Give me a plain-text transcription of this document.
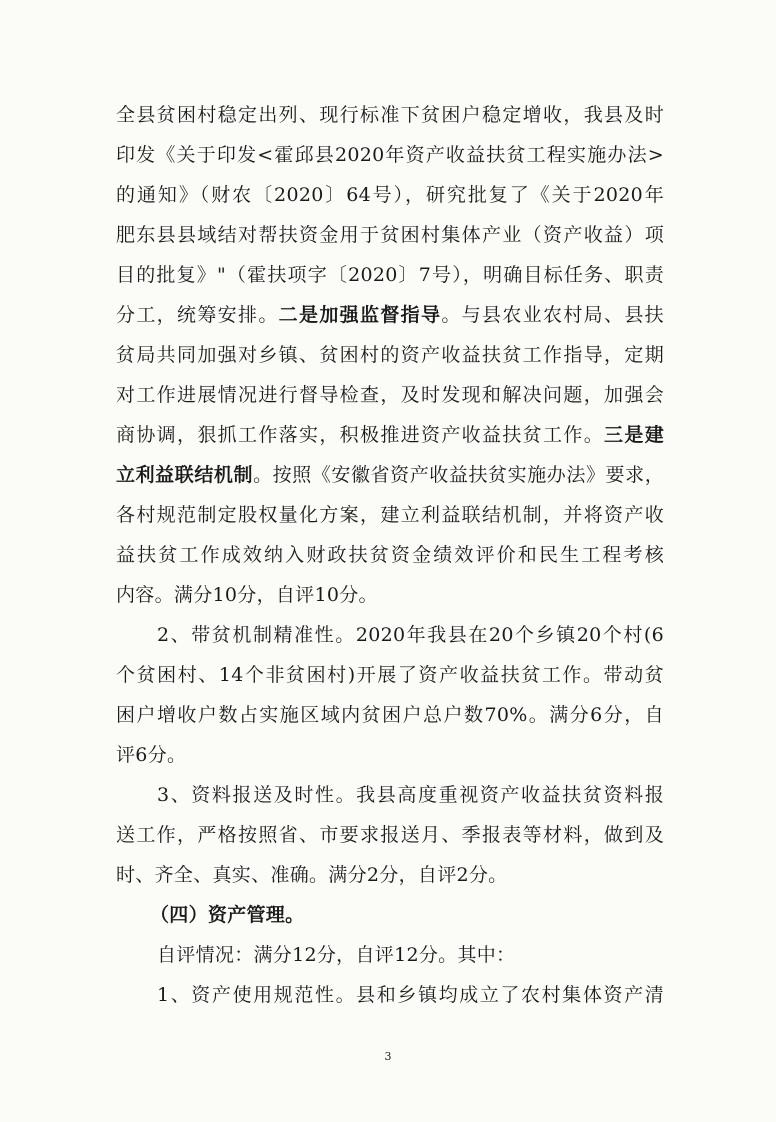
全县贫困村稳定出列、现行标准下贫困户稳定增收，我县及时
印发《关于印发<霍邱县2020年资产收益扶贫工程实施办法>
的通知》（财农〔2020〕64号），研究批复了《关于2020年
肥东县县域结对帮扶资金用于贫困村集体产业（资产收益）项
目的批复》"（霍扶项字〔2020〕7号），明确目标任务、职责
分工，统筹安排。二是加强监督指导。与县农业农村局、县扶
贫局共同加强对乡镇、贫困村的资产收益扶贫工作指导，定期
对工作进展情况进行督导检查，及时发现和解决问题，加强会
商协调，狠抓工作落实，积极推进资产收益扶贫工作。三是建
立利益联结机制。按照《安徽省资产收益扶贫实施办法》要求，
各村规范制定股权量化方案，建立利益联结机制，并将资产收
益扶贫工作成效纳入财政扶贫资金绩效评价和民生工程考核
内容。满分10分，自评10分。
2、带贫机制精准性。2020年我县在20个乡镇20个村(6
个贫困村、14个非贫困村)开展了资产收益扶贫工作。带动贫
困户增收户数占实施区域内贫困户总户数70%。满分6分，自
评6分。
3、资料报送及时性。我县高度重视资产收益扶贫资料报
送工作，严格按照省、市要求报送月、季报表等材料，做到及
时、齐全、真实、准确。满分2分，自评2分。
（四）资产管理。
自评情况：满分12分，自评12分。其中：
1、资产使用规范性。县和乡镇均成立了农村集体资产清
3
